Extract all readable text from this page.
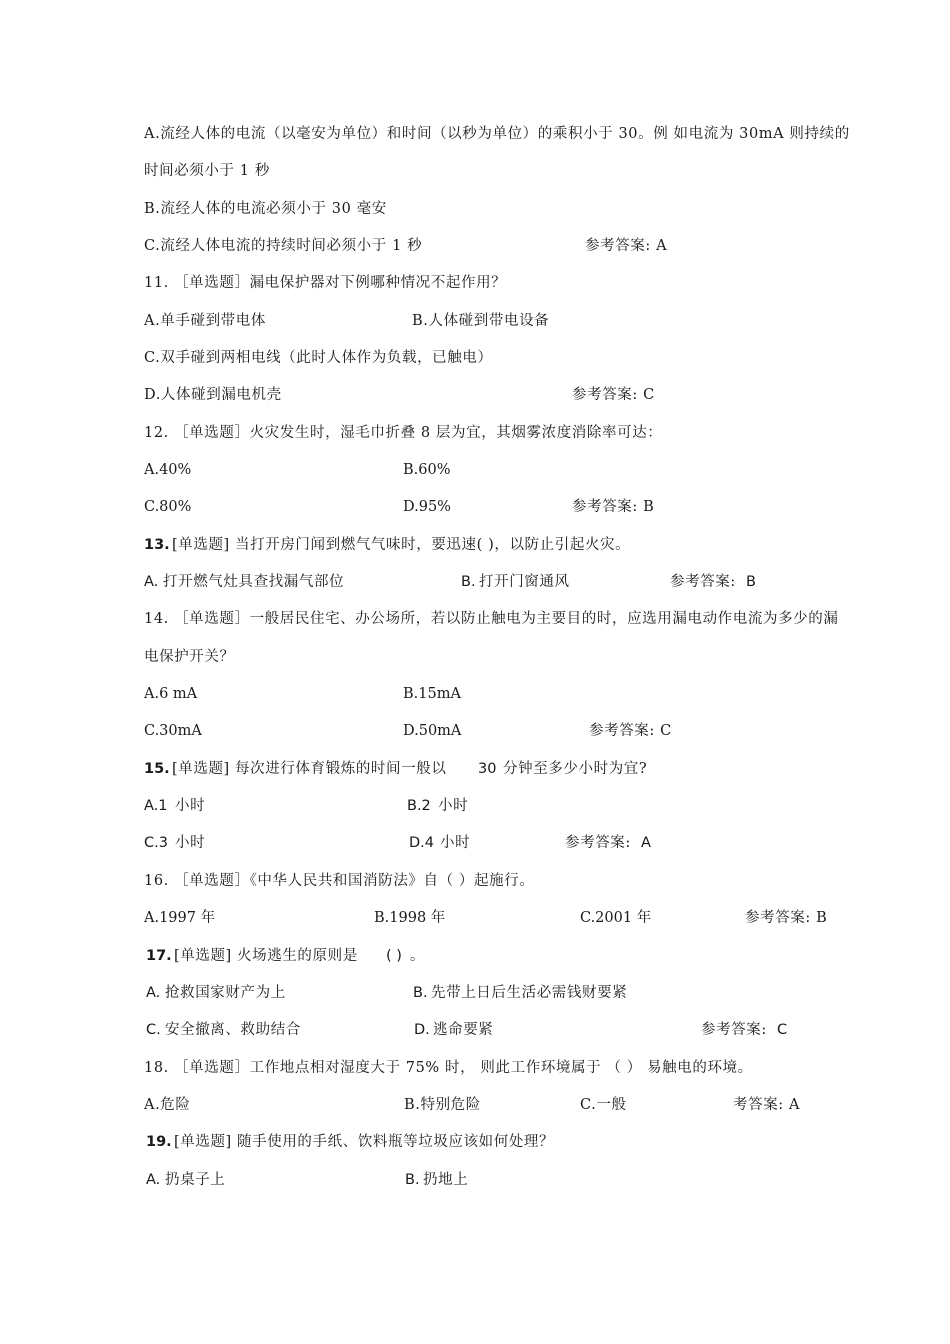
A.流经人体的电流（以毫安为单位）和时间（以秒为单位）的乘积小于 30。例 如电流为 30mA 则持续的
时间必须小于 1 秒
B.流经人体的电流必须小于 30 毫安
C.流经人体电流的持续时间必须小于 1 秒	参考答案: A
11. ［单选题］漏电保护器对下例哪种情况不起作用？
A.单手碰到带电体	B.人体碰到带电设备
C.双手碰到两相电线（此时人体作为负载，已触电）
D.人体碰到漏电机壳	参考答案: C
12. ［单选题］火灾发生时，湿毛巾折叠 8 层为宜，其烟雾浓度消除率可达：
A.40%	B.60%
C.80%	D.95%	参考答案: B
13. [单选题] 当打开房门闻到燃气气味时，要迅速( )，以防止引起火灾。
A. 打开燃气灶具查找漏气部位	B. 打开门窗通风	参考答案: B
14. ［单选题］一般居民住宅、办公场所，若以防止触电为主要目的时，应选用漏电动作电流为多少的漏
电保护开关？
A.6 mA	B.15mA
C.30mA	D.50mA	参考答案: C
15. [单选题] 每次进行体育锻炼的时间一般以 30 分钟至多少小时为宜?
A.1 小时	B.2 小时
C.3 小时	D.4 小时	参考答案: A
16. ［单选题］《中华人民共和国消防法》自（ ）起施行。
A.1997 年	B.1998 年	C.2001 年	参考答案: B
17. [单选题] 火场逃生的原则是 ( ) 。
A. 抢救国家财产为上	B. 先带上日后生活必需钱财要紧
C. 安全撤离、救助结合	D. 逃命要紧	参考答案: C
18. ［单选题］工作地点相对湿度大于 75% 时， 则此工作环境属于 （ ） 易触电的环境。
A.危险	B.特别危险	C.一般	考答案: A
19. [单选题] 随手使用的手纸、饮料瓶等垃圾应该如何处理？
A. 扔桌子上	B. 扔地上
